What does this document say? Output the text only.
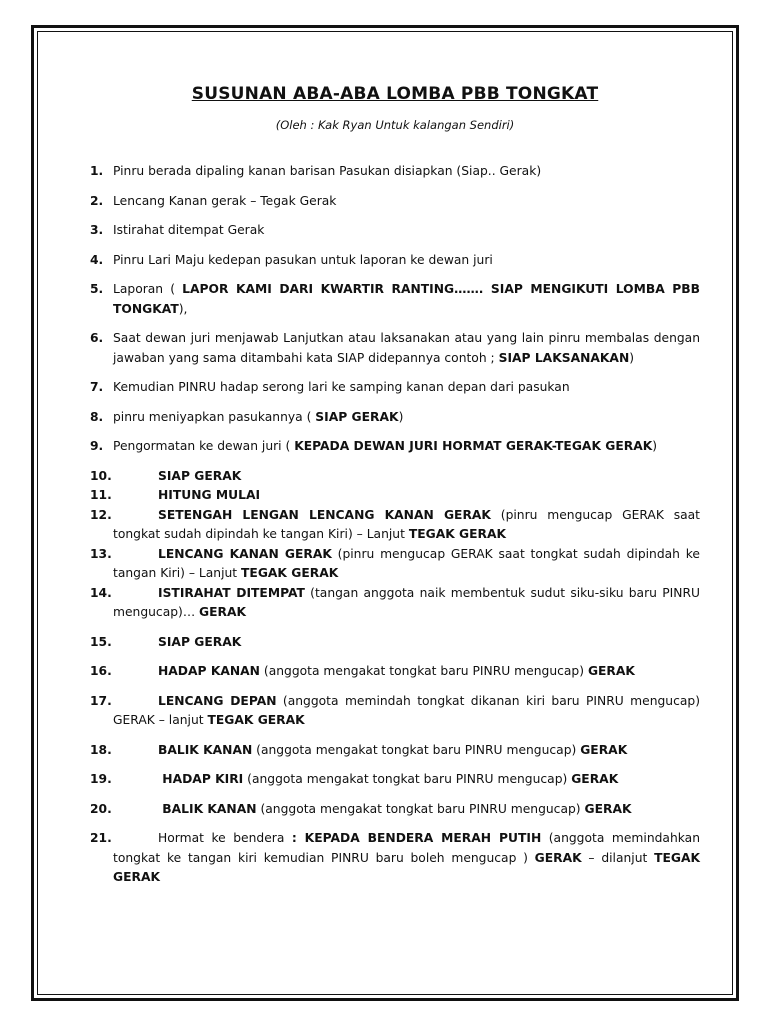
SUSUNAN ABA-ABA LOMBA PBB TONGKAT

(Oleh : Kak Ryan Untuk kalangan Sendiri)

1. Pinru berada dipaling kanan barisan Pasukan disiapkan (Siap.. Gerak)
2. Lencang Kanan gerak – Tegak Gerak
3. Istirahat ditempat Gerak
4. Pinru Lari Maju kedepan pasukan untuk laporan ke dewan juri
5. Laporan ( LAPOR KAMI DARI KWARTIR RANTING……. SIAP MENGIKUTI LOMBA PBB TONGKAT),
6. Saat dewan juri menjawab Lanjutkan atau laksanakan atau yang lain pinru membalas dengan jawaban yang sama ditambahi kata SIAP didepannya contoh ; SIAP LAKSANAKAN)
7. Kemudian PINRU hadap serong lari ke samping kanan depan dari pasukan
8. pinru meniyapkan pasukannya ( SIAP GERAK)
9. Pengormatan ke dewan juri ( KEPADA DEWAN JURI HORMAT GERAK-TEGAK GERAK)
10.	SIAP GERAK
11.	HITUNG MULAI
12.	SETENGAH LENGAN LENCANG KANAN GERAK (pinru mengucap GERAK saat tongkat sudah dipindah ke tangan Kiri) – Lanjut TEGAK GERAK
13.	LENCANG KANAN GERAK (pinru mengucap GERAK saat tongkat sudah dipindah ke tangan Kiri) – Lanjut TEGAK GERAK
14.	ISTIRAHAT DITEMPAT (tangan anggota naik membentuk sudut siku-siku baru PINRU mengucap)… GERAK
15.	SIAP GERAK
16.	HADAP KANAN (anggota mengakat tongkat baru PINRU mengucap) GERAK
17.	LENCANG DEPAN (anggota memindah tongkat dikanan kiri baru PINRU mengucap) GERAK – lanjut TEGAK GERAK
18.	BALIK KANAN (anggota mengakat tongkat baru PINRU mengucap) GERAK
19.	HADAP KIRI (anggota mengakat tongkat baru PINRU mengucap) GERAK
20.	BALIK KANAN (anggota mengakat tongkat baru PINRU mengucap) GERAK
21.	Hormat ke bendera : KEPADA BENDERA MERAH PUTIH (anggota memindahkan tongkat ke tangan kiri kemudian PINRU baru boleh mengucap ) GERAK – dilanjut TEGAK GERAK
